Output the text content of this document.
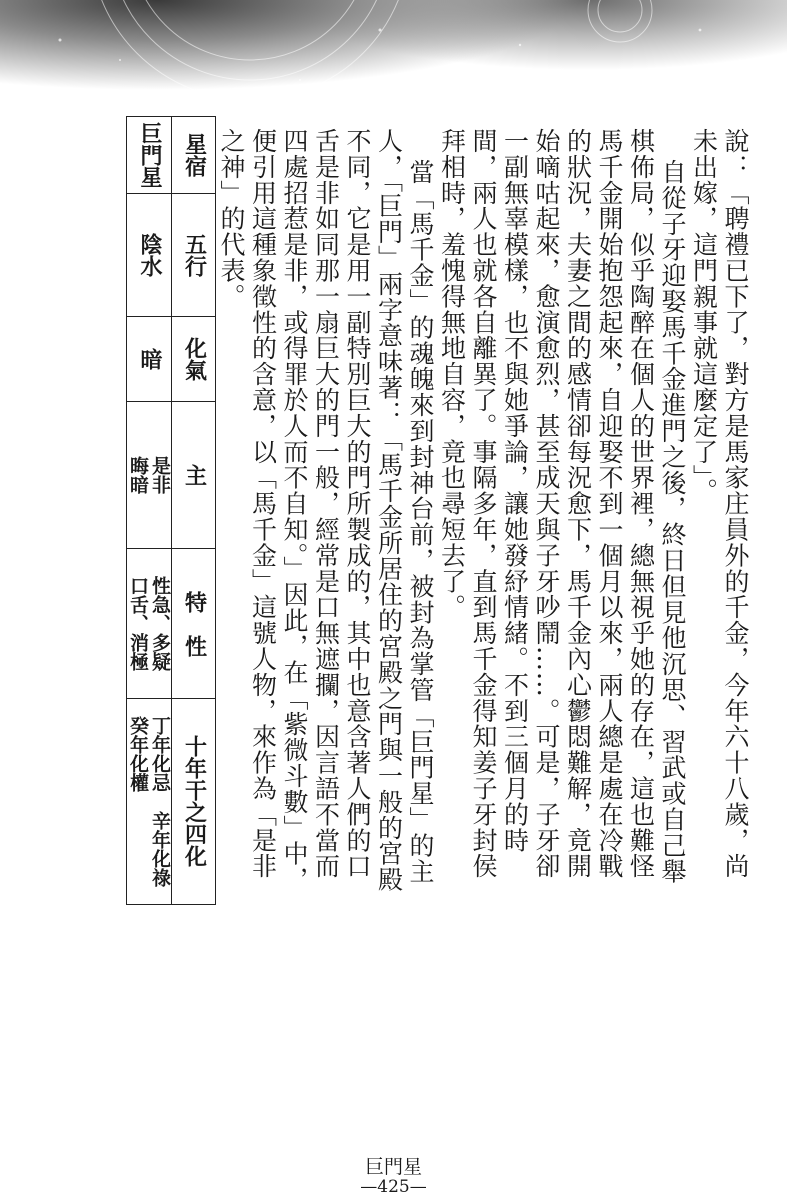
說：「聘禮已下了，對方是馬家庄員外的千金，今年六十八歲，尚未出嫁，這門親事就這麼定了」。

自從子牙迎娶馬千金進門之後，終日但見他沉思、習武或自己舉棋佈局，似乎陶醉在個人的世界裡，總無視乎她的存在，這也難怪馬千金開始抱怨起來，自迎娶不到一個月以來，兩人總是處在冷戰的狀況，夫妻之間的感情卻每況愈下，馬千金內心鬱悶難解，竟開始嘀咕起來，愈演愈烈，甚至成天與子牙吵鬧……。可是，子牙卻一副無辜模樣，也不與她爭論，讓她發紓情緒。不到三個月的時間，兩人也就各自離異了。事隔多年，直到馬千金得知姜子牙封侯拜相時，羞愧得無地自容，竟也尋短去了。

當「馬千金」的魂魄來到封神台前，被封為掌管「巨門星」的主人，「巨門」兩字意味著：「馬千金所居住的宮殿之門與一般的宮殿不同，它是用一副特別巨大的門所製成的，其中也意含著人們的口舌是非如同那一扇巨大的門一般，經常是口無遮攔，因言語不當而四處招惹是非，或得罪於人而不自知。」因此，在「紫微斗數」中，便引用這種象徵性的含意，以「馬千金」這號人物，來作為「是非之神」的代表。

星宿
五行
化氣
主
特　性
十年干之四化
巨門星
陰水
暗
是非
晦暗
性急、多疑
口舌、消極
丁年化忌　辛年化祿
癸年化權
巨門星
—425—
